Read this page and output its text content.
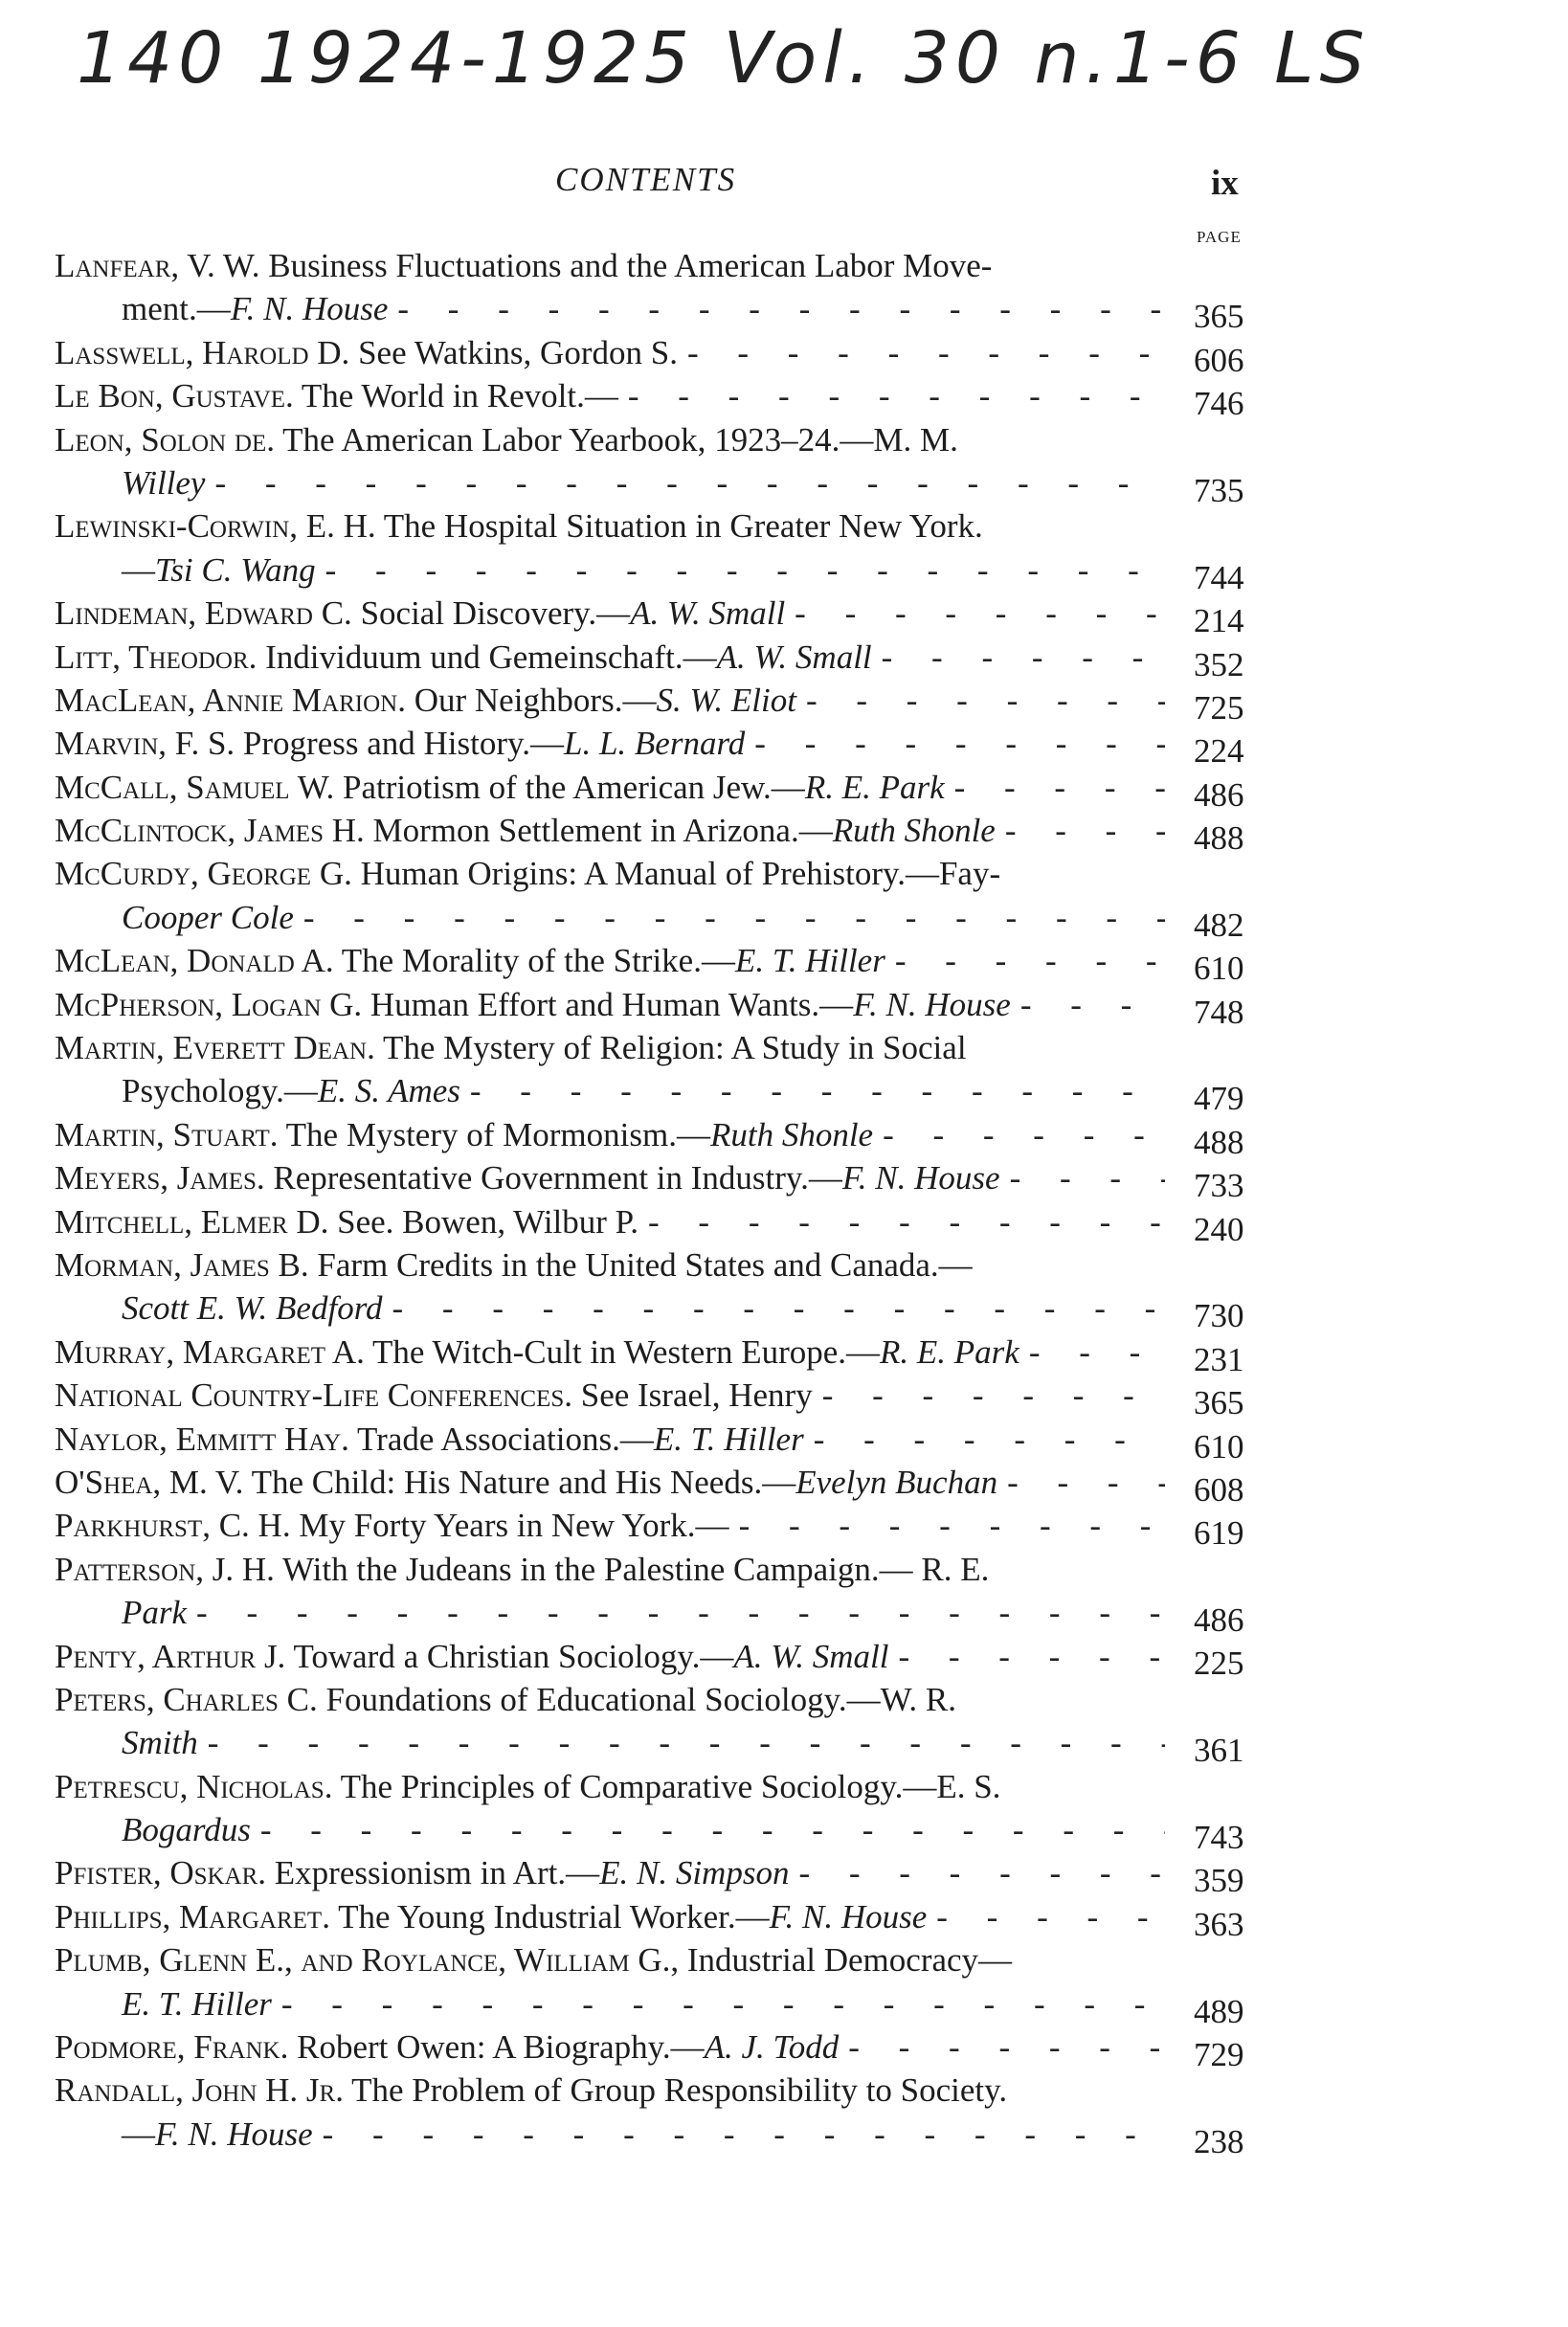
140 1924-1925 Vol. 30 n.1-6 LS
CONTENTS	ix
PAGE
Lanfear, V. W. Business Fluctuations and the American Labor Move-
ment.—F. N. House - - -	365
Lasswell, Harold D. See Watkins, Gordon S. - - -	606
Le Bon, Gustave. The World in Revolt.— - - -	746
Leon, Solon de. The American Labor Yearbook, 1923–24.—M. M.
Willey - - -	735
Lewinski-Corwin, E. H. The Hospital Situation in Greater New York.
—Tsi C. Wang - - -	744
Lindeman, Edward C. Social Discovery.—A. W. Small - - -	214
Litt, Theodor. Individuum und Gemeinschaft.—A. W. Small - - -	352
MacLean, Annie Marion. Our Neighbors.—S. W. Eliot - - -	725
Marvin, F. S. Progress and History.—L. L. Bernard - - -	224
McCall, Samuel W. Patriotism of the American Jew.—R. E. Park - - -	486
McClintock, James H. Mormon Settlement in Arizona.—Ruth Shonle - - -	488
McCurdy, George G. Human Origins: A Manual of Prehistory.—Fay-
Cooper Cole - - -	482
McLean, Donald A. The Morality of the Strike.—E. T. Hiller - - -	610
McPherson, Logan G. Human Effort and Human Wants.—F. N. House - - -	748
Martin, Everett Dean. The Mystery of Religion: A Study in Social
Psychology.—E. S. Ames - - -	479
Martin, Stuart. The Mystery of Mormonism.—Ruth Shonle - - -	488
Meyers, James. Representative Government in Industry.—F. N. House - - -	733
Mitchell, Elmer D. See. Bowen, Wilbur P. - - -	240
Morman, James B. Farm Credits in the United States and Canada.—
Scott E. W. Bedford - - -	730
Murray, Margaret A. The Witch-Cult in Western Europe.—R. E. Park - - -	231
National Country-Life Conferences. See Israel, Henry - - -	365
Naylor, Emmitt Hay. Trade Associations.—E. T. Hiller - - -	610
O'Shea, M. V. The Child: His Nature and His Needs.—Evelyn Buchan - - -	608
Parkhurst, C. H. My Forty Years in New York.— - - -	619
Patterson, J. H. With the Judeans in the Palestine Campaign.— R. E.
Park - - -	486
Penty, Arthur J. Toward a Christian Sociology.—A. W. Small - - -	225
Peters, Charles C. Foundations of Educational Sociology.—W. R.
Smith - - -	361
Petrescu, Nicholas. The Principles of Comparative Sociology.—E. S.
Bogardus - - -	743
Pfister, Oskar. Expressionism in Art.—E. N. Simpson - - -	359
Phillips, Margaret. The Young Industrial Worker.—F. N. House - - -	363
Plumb, Glenn E., and Roylance, William G., Industrial Democracy—
E. T. Hiller - - -	489
Podmore, Frank. Robert Owen: A Biography.—A. J. Todd - - -	729
Randall, John H. Jr. The Problem of Group Responsibility to Society.
—F. N. House - - -	238
